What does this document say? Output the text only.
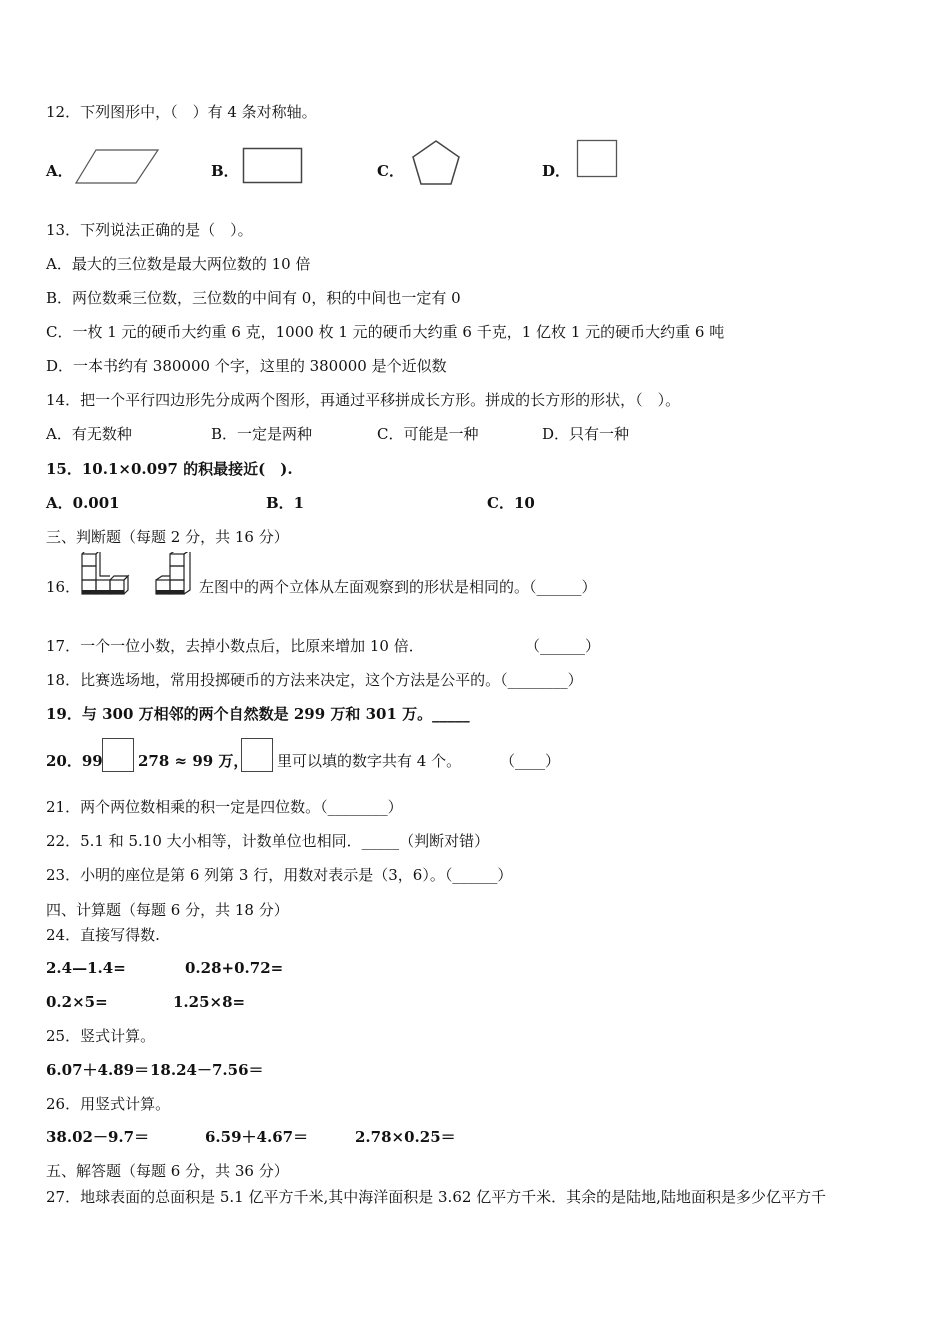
12．下列图形中，（　）有 4 条对称轴。
A．	B．	C．	D．
13．下列说法正确的是（　）。
A．最大的三位数是最大两位数的 10 倍
B．两位数乘三位数，三位数的中间有 0，积的中间也一定有 0
C．一枚 1 元的硬币大约重 6 克，1000 枚 1 元的硬币大约重 6 千克，1 亿枚 1 元的硬币大约重 6 吨
D．一本书约有 380000 个字，这里的 380000 是个近似数
14．把一个平行四边形先分成两个图形，再通过平移拼成长方形。拼成的长方形的形状，（　）。
A．有无数种	B．一定是两种	C．可能是一种	D．只有一种
15．10.1×0.097 的积最接近(　).
A．0.001	B．1	C．10
三、判断题（每题 2 分，共 16 分）
16．	左图中的两个立体从左面观察到的形状是相同的。（______）
17．一个一位小数，去掉小数点后，比原来增加 10 倍．	（______）
18．比赛选场地，常用投掷硬币的方法来决定，这个方法是公平的。（________）
19．与 300 万相邻的两个自然数是 299 万和 301 万。_____
20．99 278 ≈ 99 万， 里可以填的数字共有 4 个。	（____）
21．两个两位数相乘的积一定是四位数。（________）
22．5.1 和 5.10 大小相等，计数单位也相同．_____（判断对错）
23．小明的座位是第 6 列第 3 行，用数对表示是（3，6）。（______）
四、计算题（每题 6 分，共 18 分）
24．直接写得数.
2.4—1.4=	0.28+0.72=
0.2×5=	1.25×8=
25．竖式计算。
6.07＋4.89＝ 18.24－7.56＝
26．用竖式计算。
38.02－9.7＝	6.59＋4.67＝	2.78×0.25＝
五、解答题（每题 6 分，共 36 分）
27．地球表面的总面积是 5.1 亿平方千米,其中海洋面积是 3.62 亿平方千米．其余的是陆地,陆地面积是多少亿平方千
